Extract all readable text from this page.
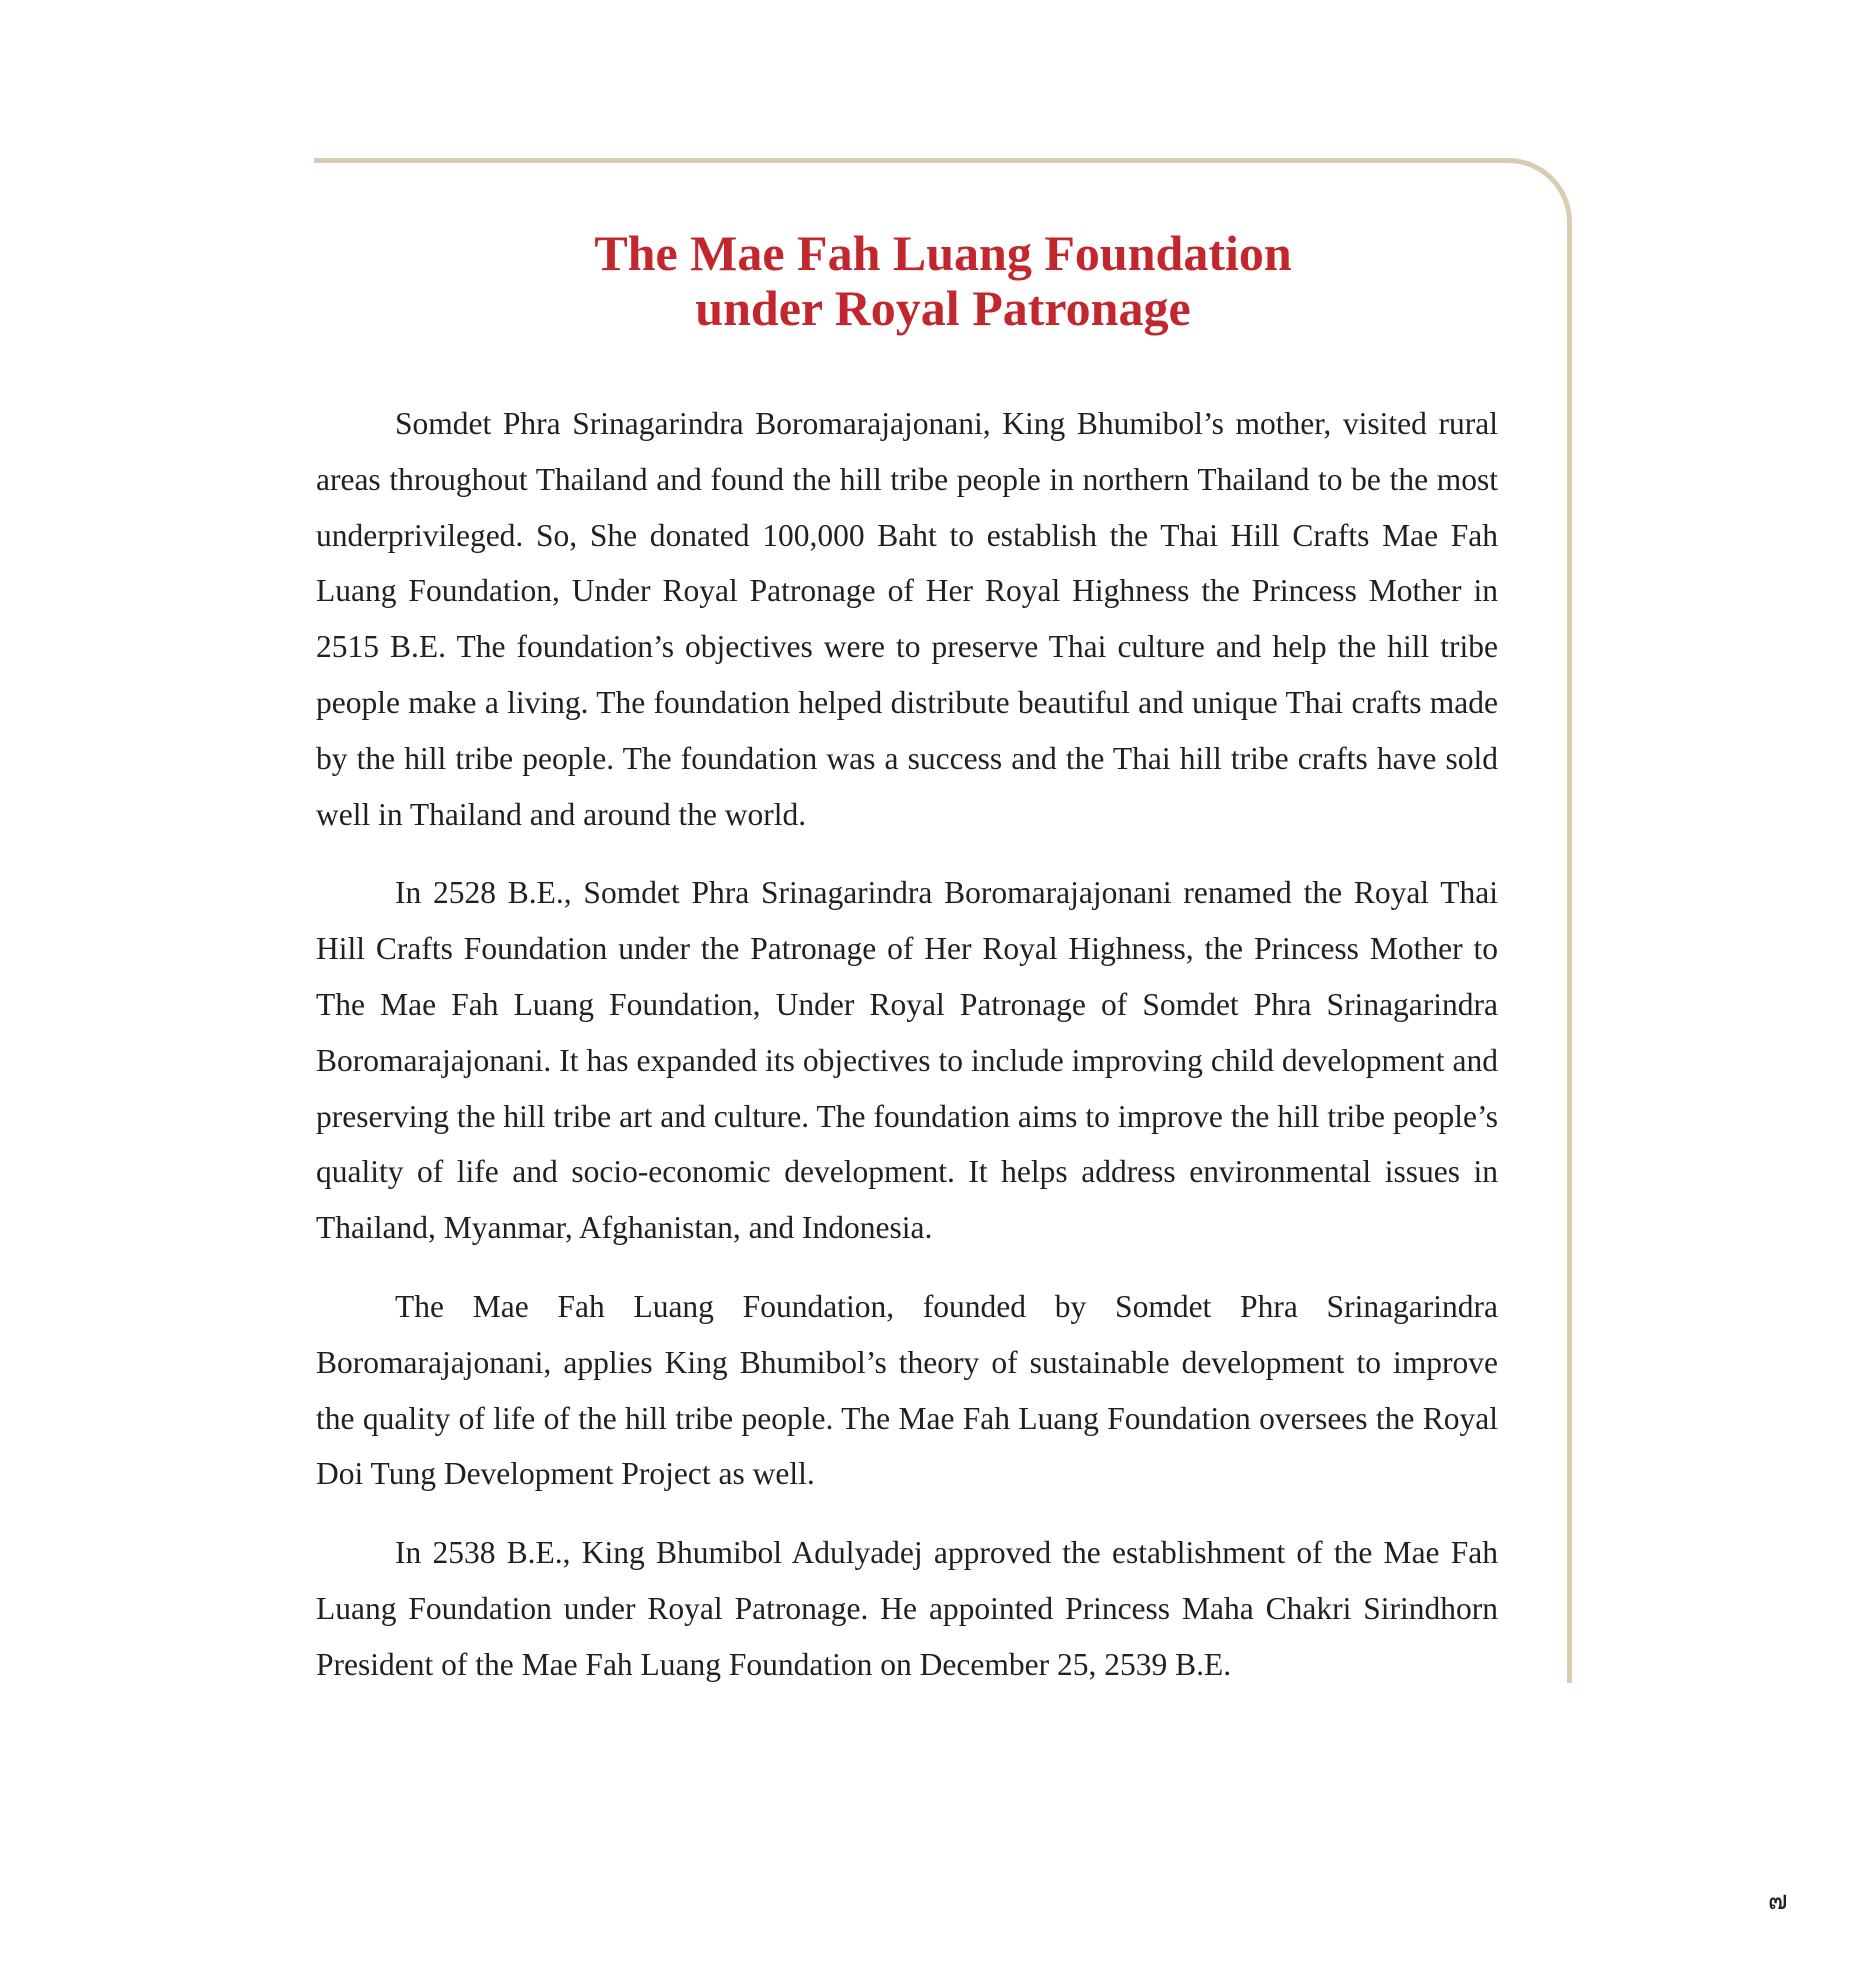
The Mae Fah Luang Foundation
under Royal Patronage

Somdet Phra Srinagarindra Boromarajajonani, King Bhumibol’s mother, visited rural areas throughout Thailand and found the hill tribe people in northern Thailand to be the most underprivileged. So, She donated 100,000 Baht to establish the Thai Hill Crafts Mae Fah Luang Foundation, Under Royal Patronage of Her Royal Highness the Princess Mother in 2515 B.E. The foundation’s objectives were to preserve Thai culture and help the hill tribe people make a living. The foundation helped distribute beautiful and unique Thai crafts made by the hill tribe people. The foundation was a success and the Thai hill tribe crafts have sold well in Thailand and around the world.

In 2528 B.E., Somdet Phra Srinagarindra Boromarajajonani renamed the Royal Thai Hill Crafts Foundation under the Patronage of Her Royal Highness, the Princess Mother to The Mae Fah Luang Foundation, Under Royal Patronage of Somdet Phra Srinagarindra Boromarajajonani. It has expanded its objectives to include improving child development and preserving the hill tribe art and culture. The foundation aims to improve the hill tribe people’s quality of life and socio-economic development. It helps address environmental issues in Thailand, Myanmar, Afghanistan, and Indonesia.

The Mae Fah Luang Foundation, founded by Somdet Phra Srinagarindra Boromarajajonani, applies King Bhumibol’s theory of sustainable development to improve the quality of life of the hill tribe people. The Mae Fah Luang Foundation oversees the Royal Doi Tung Development Project as well.

In 2538 B.E., King Bhumibol Adulyadej approved the establishment of the Mae Fah Luang Foundation under Royal Patronage. He appointed Princess Maha Chakri Sirindhorn President of the Mae Fah Luang Foundation on December 25, 2539 B.E.

๗
